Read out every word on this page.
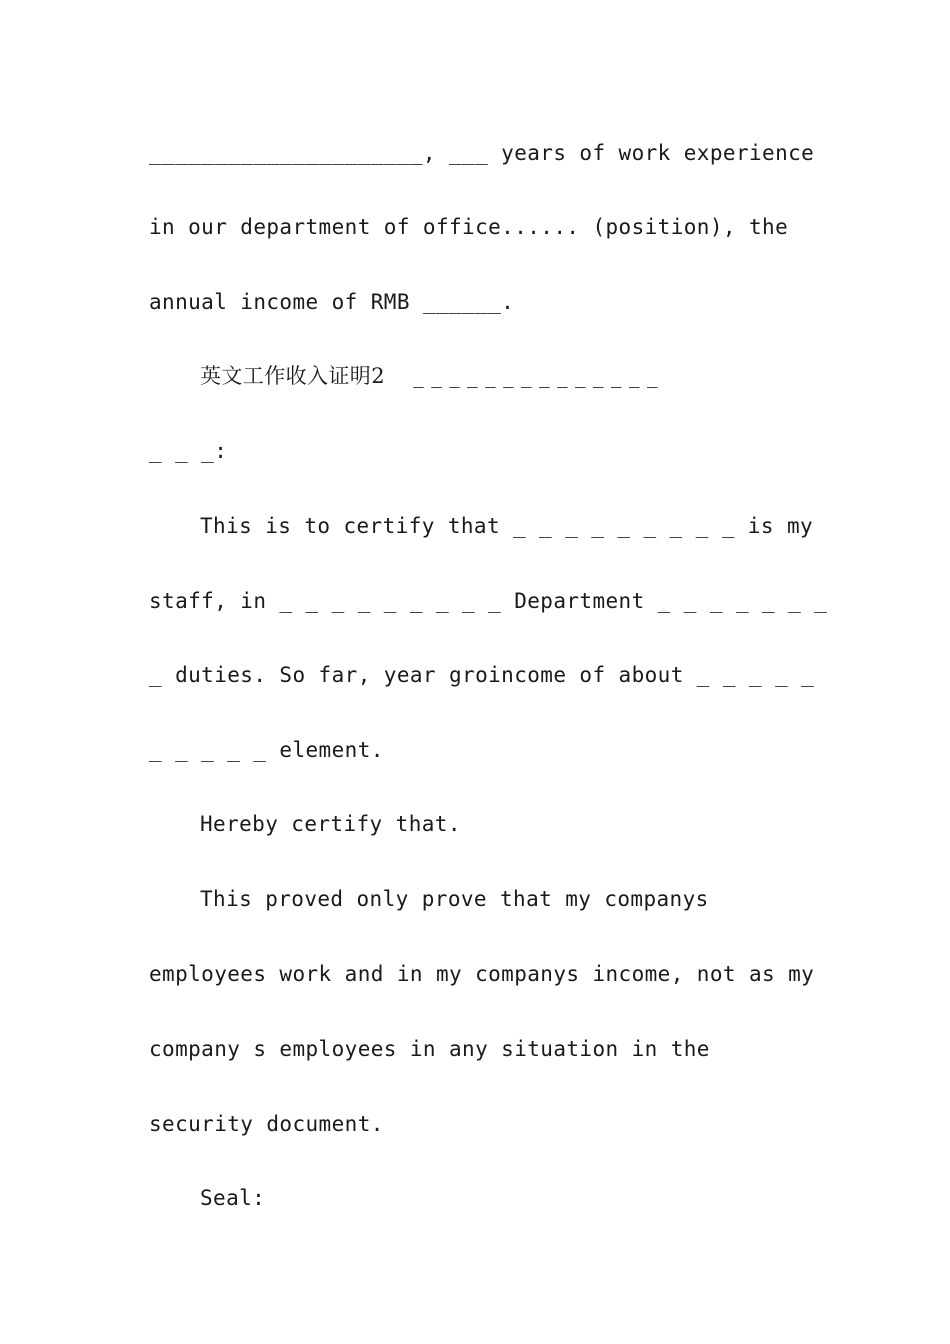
_____________________, ___ years of work experience
in our department of office...... (position), the
annual income of RMB ______.
英文工作收入证明2    _ _ _ _ _ _ _ _ _ _ _ _ _ _
_ _ _:
This is to certify that _ _ _ _ _ _ _ _ _ is my
staff, in _ _ _ _ _ _ _ _ _ Department _ _ _ _ _ _ _
_ duties. So far, year groincome of about _ _ _ _ _
_ _ _ _ _ element.
Hereby certify that.
This proved only prove that my companys
employees work and in my companys income, not as my
company s employees in any situation in the
security document.
Seal:
